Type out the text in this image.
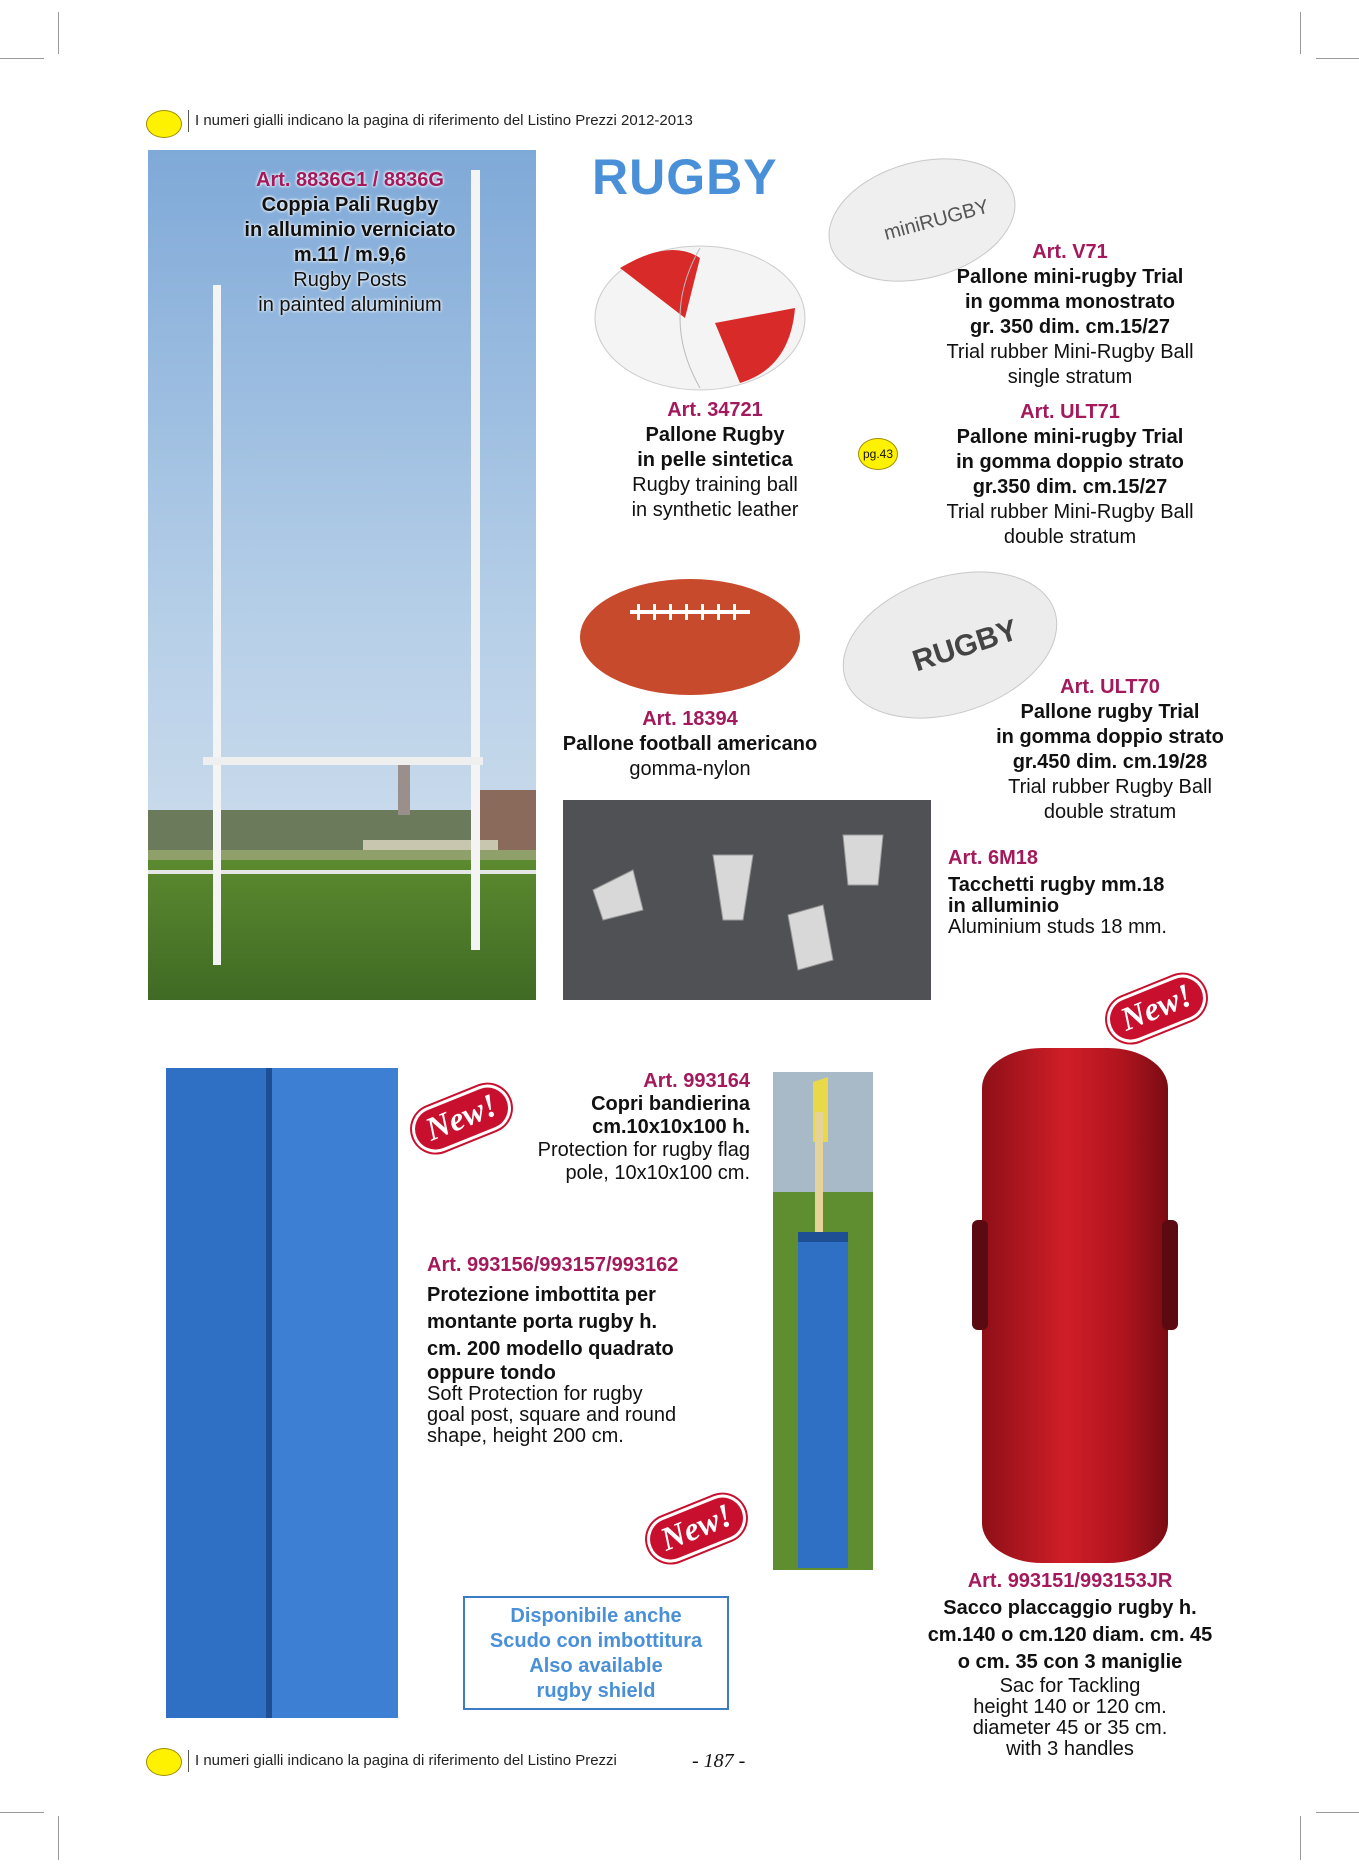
I numeri gialli indicano la pagina di riferimento del Listino Prezzi 2012-2013
Art. 8836G1 / 8836G
Coppia Pali Rugby
in alluminio verniciato
m.11 / m.9,6
Rugby Posts
in painted aluminium
RUGBY
Art. 34721
Pallone Rugby
in pelle sintetica
Rugby training ball
in synthetic leather
miniRUGBY
Art. V71
Pallone mini-rugby Trial
in gomma monostrato
gr. 350 dim. cm.15/27
Trial rubber Mini-Rugby Ball
single stratum
pg.43
Art. ULT71
Pallone mini-rugby Trial
in gomma doppio strato
gr.350 dim. cm.15/27
Trial rubber Mini-Rugby Ball
double stratum
Art. 18394
Pallone football americano
gomma-nylon
RUGBY
Art. ULT70
Pallone rugby Trial
in gomma doppio strato
gr.450 dim. cm.19/28
Trial rubber Rugby Ball
double stratum
Art. 6M18
Tacchetti rugby mm.18
in alluminio
Aluminium studs 18 mm.
New!
New!
New!
Art. 993164
Copri bandierina
cm.10x10x100 h.
Protection for rugby flag
pole, 10x10x100 cm.
Art. 993156/993157/993162
Protezione imbottita per
montante porta rugby h.
cm. 200 modello quadrato
oppure tondo
Soft Protection for rugby
goal post, square and round
shape, height 200 cm.
Disponibile anche
Scudo con imbottitura
Also available
rugby shield
Art. 993151/993153JR
Sacco placcaggio rugby h.
cm.140 o cm.120 diam. cm. 45
o cm. 35 con 3 maniglie
Sac for Tackling
height 140 or 120 cm.
diameter 45 or 35 cm.
with 3 handles
I numeri gialli indicano la pagina di riferimento del Listino Prezzi	- 187 -
